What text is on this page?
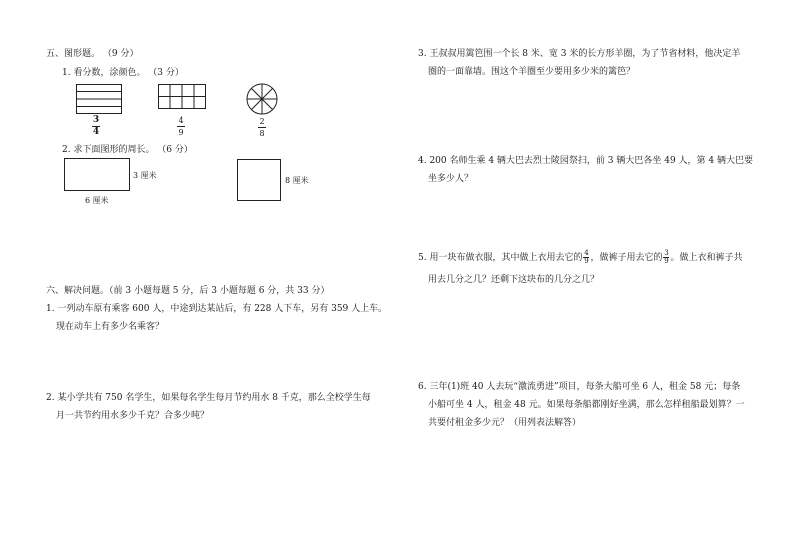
五、图形题。 （9 分）
1. 看分数，涂颜色。 （3 分）
3
4
4
9
2
8
2. 求下面图形的周长。 （6 分）
3 厘米
6 厘米
8 厘米
六、解决问题。（前 3 小题每题 5 分，后 3 小题每题 6 分，共 33 分）
1. 一列动车原有乘客 600 人，中途到达某站后，有 228 人下车，另有 359 人上车。
现在动车上有多少名乘客？
2. 某小学共有 750 名学生，如果每名学生每月节约用水 8 千克，那么全校学生每
月一共节约用水多少千克？合多少吨？
3. 王叔叔用篱笆围一个长 8 米、宽 3 米的长方形羊圈，为了节省材料，他决定羊
圈的一面靠墙。围这个羊圈至少要用多少米的篱笆？
4. 200 名师生乘 4 辆大巴去烈士陵园祭扫，前 3 辆大巴各坐 49 人，第 4 辆大巴要
坐多少人？
5. 用一块布做衣服，其中做上衣用去它的 4
9 ，做裤子用去它的 3
9 。做上衣和裤子共
用去几分之几？还剩下这块布的几分之几？
6. 三年(1)班 40 人去玩“激流勇进”项目，每条大船可坐 6 人，租金 58 元；每条
小船可坐 4 人，租金 48 元。如果每条船都刚好坐满，那么怎样租船最划算？一
共要付租金多少元？（用列表法解答）
